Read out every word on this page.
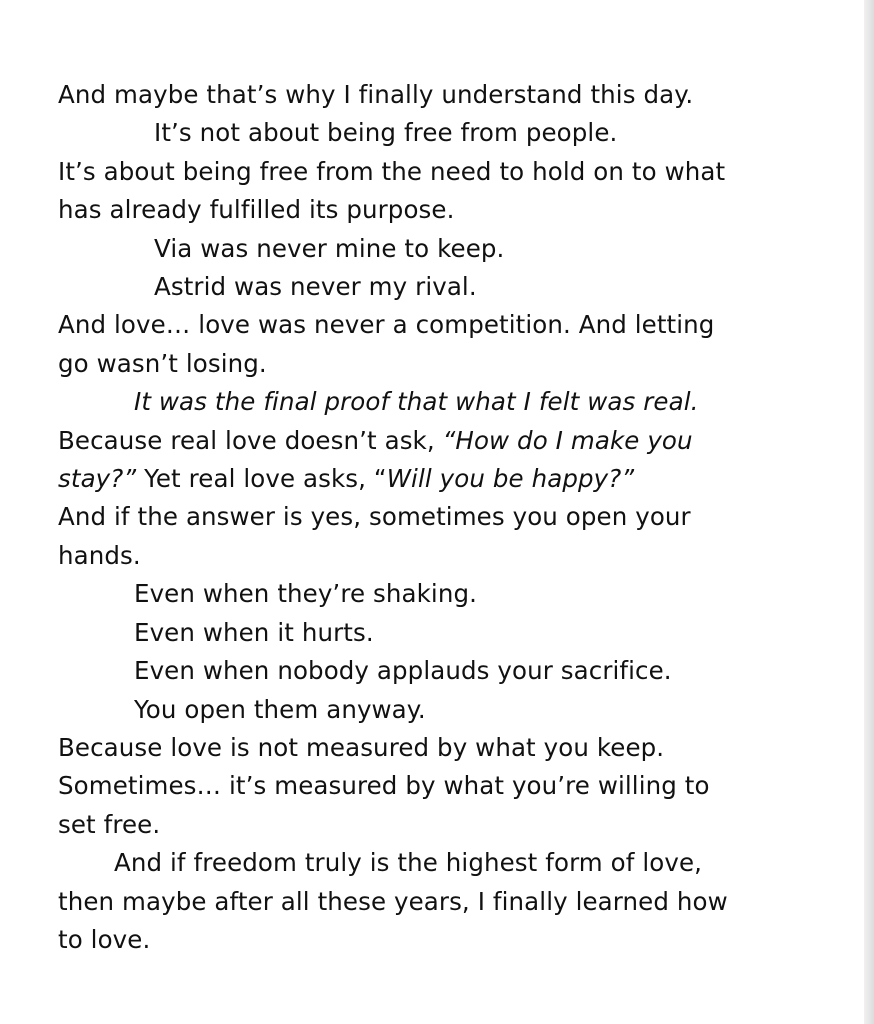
And maybe that’s why I finally understand this day.

It’s not about being free from people.

It’s about being free from the need to hold on to what

has already fulfilled its purpose.

Via was never mine to keep.

Astrid was never my rival.

And love… love was never a competition. And letting

go wasn’t losing.

It was the final proof that what I felt was real.

Because real love doesn’t ask, “How do I make you

stay?” Yet real love asks, “Will you be happy?”

And if the answer is yes, sometimes you open your

hands.

Even when they’re shaking.

Even when it hurts.

Even when nobody applauds your sacrifice.

You open them anyway.

Because love is not measured by what you keep.

Sometimes… it’s measured by what you’re willing to

set free.

And if freedom truly is the highest form of love,

then maybe after all these years, I finally learned how

to love.
